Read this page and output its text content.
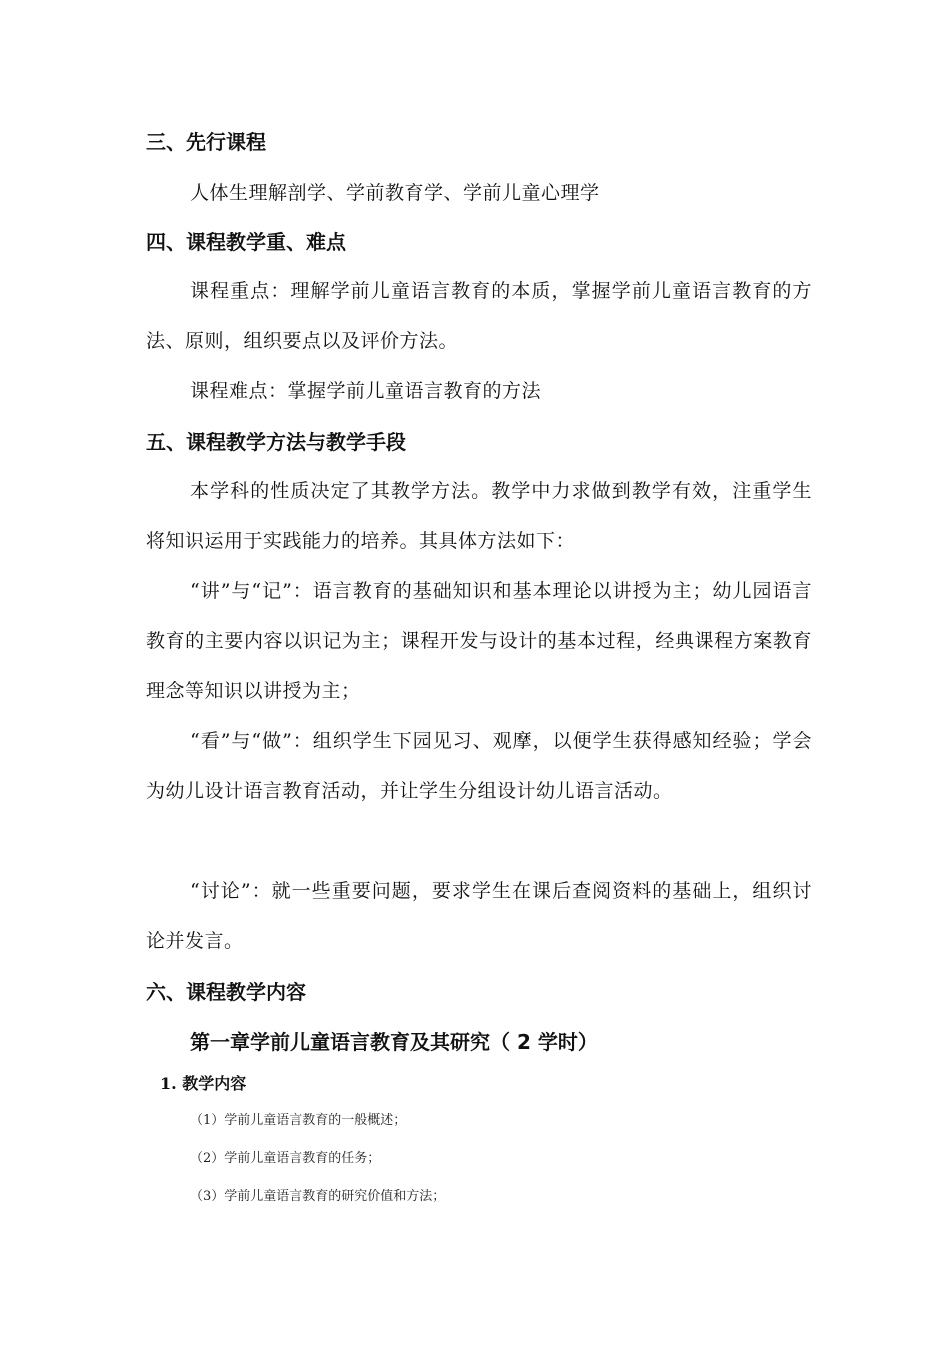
三、先行课程

人体生理解剖学、学前教育学、学前儿童心理学

四、课程教学重、难点

课程重点：理解学前儿童语言教育的本质，掌握学前儿童语言教育的方法、原则，组织要点以及评价方法。

课程难点：掌握学前儿童语言教育的方法

五、课程教学方法与教学手段

本学科的性质决定了其教学方法。教学中力求做到教学有效，注重学生将知识运用于实践能力的培养。其具体方法如下：

“讲”与“记”：语言教育的基础知识和基本理论以讲授为主；幼儿园语言教育的主要内容以识记为主；课程开发与设计的基本过程，经典课程方案教育理念等知识以讲授为主；

“看”与“做”：组织学生下园见习、观摩，以便学生获得感知经验；学会为幼儿设计语言教育活动，并让学生分组设计幼儿语言活动。

“讨论”：就一些重要问题，要求学生在课后查阅资料的基础上，组织讨论并发言。

六、课程教学内容
第一章学前儿童语言教育及其研究（ 2 学时）
1. 教学内容
（1）学前儿童语言教育的一般概述；
（2）学前儿童语言教育的任务；
（3）学前儿童语言教育的研究价值和方法；
